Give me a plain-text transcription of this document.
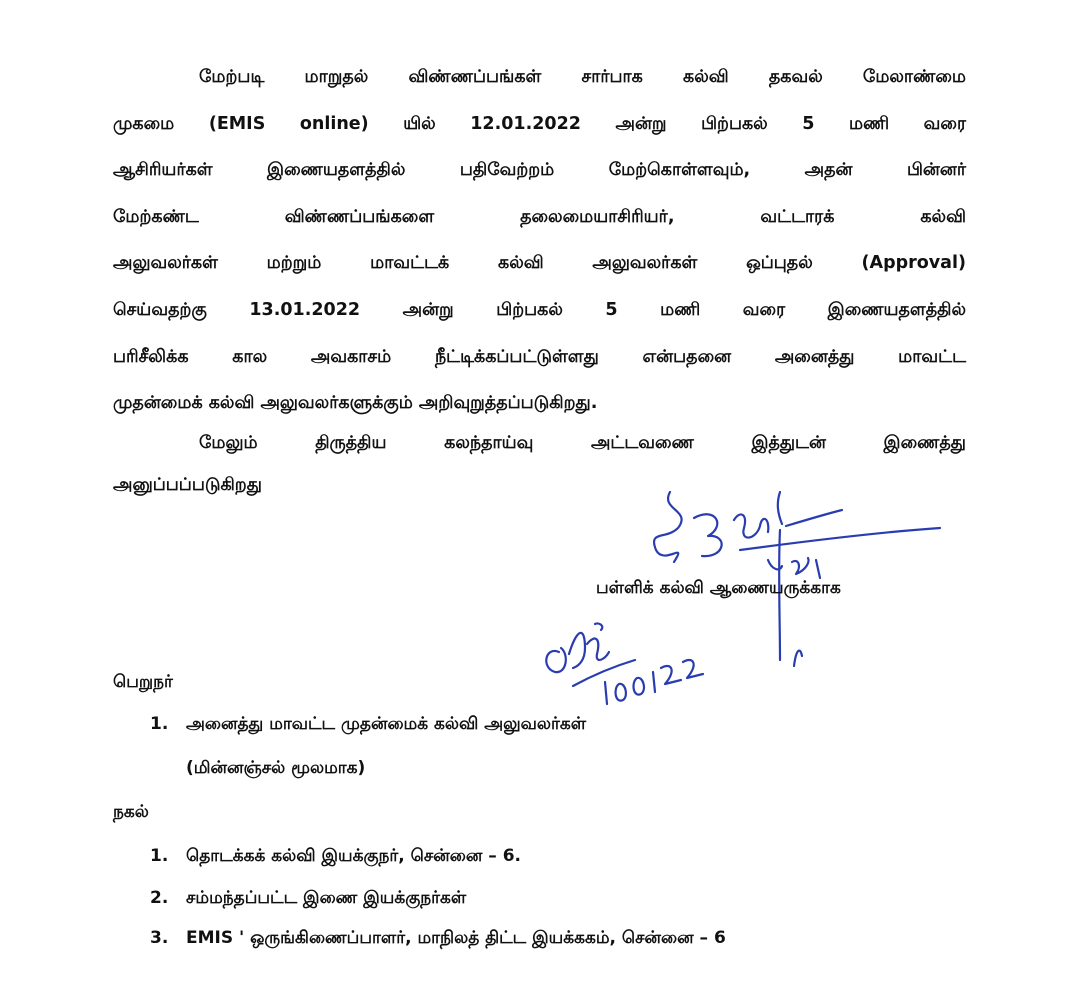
மேற்படி மாறுதல் விண்ணப்பங்கள் சார்பாக கல்வி தகவல் மேலாண்மை
முகமை (EMIS online) யில் 12.01.2022 அன்று பிற்பகல் 5 மணி வரை
ஆசிரியர்கள் இணையதளத்தில் பதிவேற்றம் மேற்கொள்ளவும், அதன் பின்னர்
மேற்கண்ட விண்ணப்பங்களை தலைமையாசிரியர், வட்டாரக் கல்வி
அலுவலர்கள் மற்றும் மாவட்டக் கல்வி அலுவலர்கள் ஒப்புதல் (Approval)
செய்வதற்கு 13.01.2022 அன்று பிற்பகல் 5 மணி வரை இணையதளத்தில்
பரிசீலிக்க கால அவகாசம் நீட்டிக்கப்பட்டுள்ளது என்பதனை அனைத்து மாவட்ட
முதன்மைக் கல்வி அலுவலர்களுக்கும் அறிவுறுத்தப்படுகிறது.
மேலும் திருத்திய கலந்தாய்வு அட்டவணை இத்துடன் இணைத்து
அனுப்பப்படுகிறது
பள்ளிக் கல்வி ஆணையருக்காக
பெறுநர்
1. அனைத்து மாவட்ட முதன்மைக் கல்வி அலுவலர்கள்
(மின்னஞ்சல் மூலமாக)
நகல்
1. தொடக்கக் கல்வி இயக்குநர், சென்னை – 6.
2. சம்மந்தப்பட்ட இணை இயக்குநர்கள்
3. EMIS ' ஒருங்கிணைப்பாளர், மாநிலத் திட்ட இயக்ககம், சென்னை – 6
